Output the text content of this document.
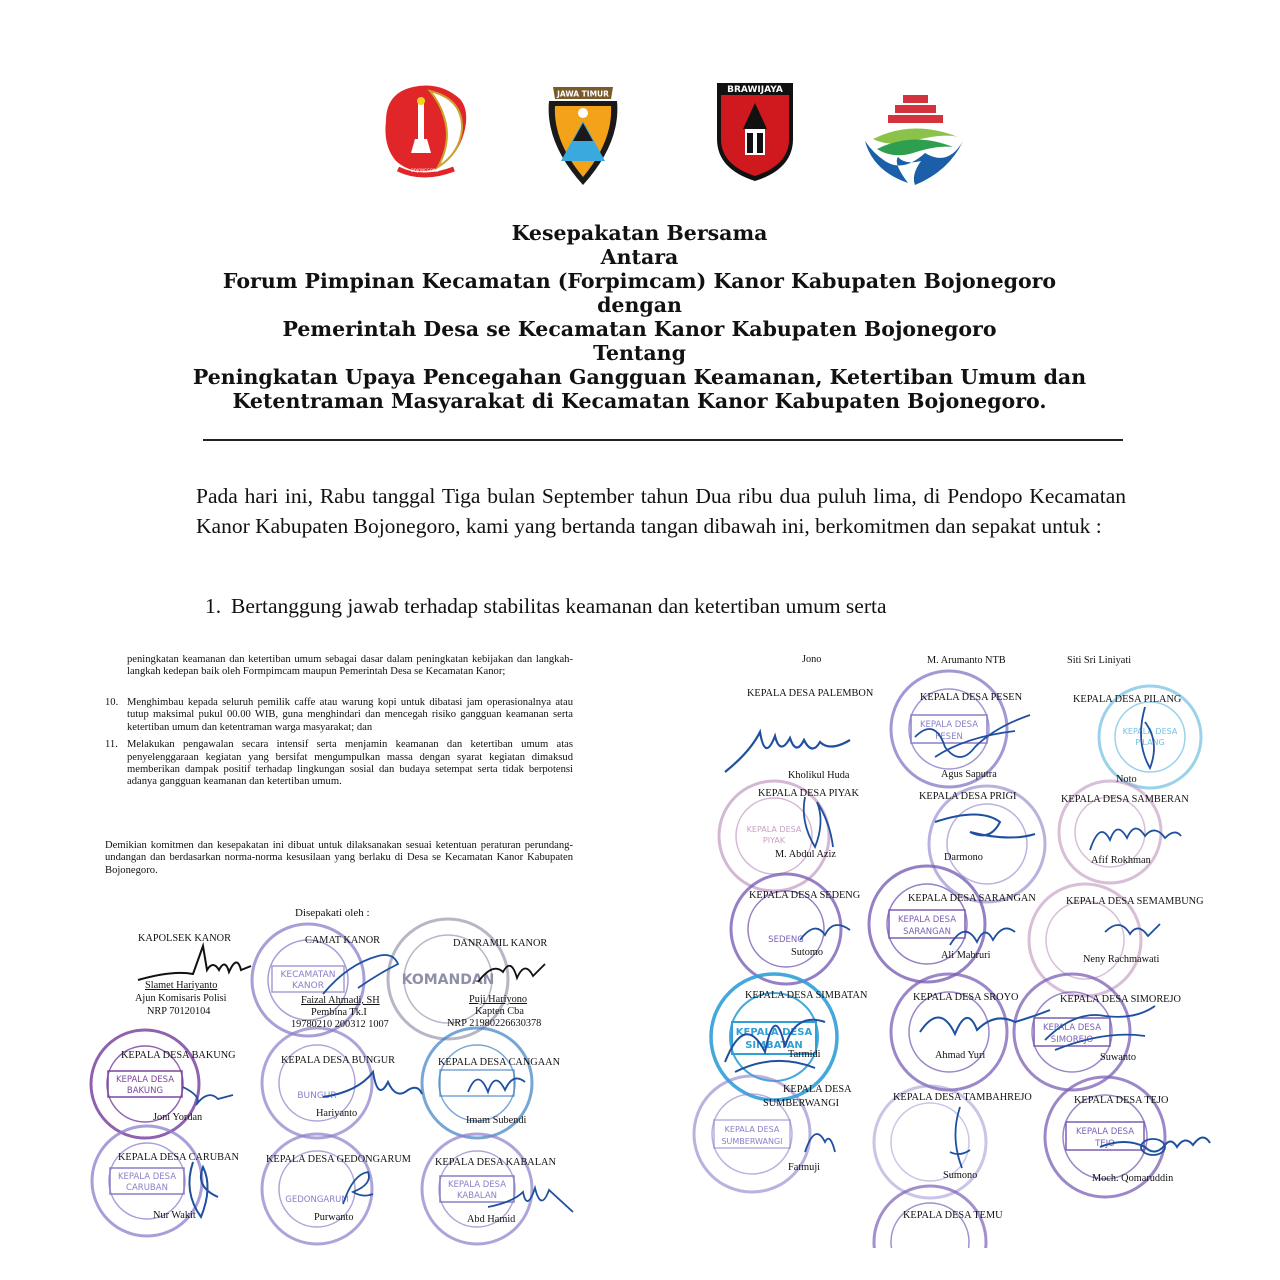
BOJONEGORO
JAWA TIMUR	BRAWIJAYA
Kesepakatan Bersama
Antara
Forum Pimpinan Kecamatan (Forpimcam) Kanor Kabupaten Bojonegoro
dengan
Pemerintah Desa se Kecamatan Kanor Kabupaten Bojonegoro
Tentang
Peningkatan Upaya Pencegahan Gangguan Keamanan, Ketertiban Umum dan
Ketentraman Masyarakat di Kecamatan Kanor Kabupaten Bojonegoro.
Pada hari ini, Rabu tanggal Tiga bulan September tahun Dua ribu dua puluh lima, di Pendopo Kecamatan Kanor Kabupaten Bojonegoro, kami yang bertanda tangan dibawah ini, berkomitmen dan sepakat untuk :
1. Bertanggung jawab terhadap stabilitas keamanan dan ketertiban umum serta
peningkatan keamanan dan ketertiban umum sebagai dasar dalam peningkatan kebijakan dan langkah-langkah kedepan baik oleh Formpimcam maupun Pemerintah Desa se Kecamatan Kanor;
10. Menghimbau kepada seluruh pemilik caffe atau warung kopi untuk dibatasi jam operasionalnya atau tutup maksimal pukul 00.00 WIB, guna menghindari dan mencegah risiko gangguan keamanan serta ketertiban umum dan ketentraman warga masyarakat; dan
11. Melakukan pengawalan secara intensif serta menjamin keamanan dan ketertiban umum atas penyelenggaraan kegiatan yang bersifat mengumpulkan massa dengan syarat kegiatan dimaksud memberikan dampak positif terhadap lingkungan sosial dan budaya setempat serta tidak berpotensi adanya gangguan keamanan dan ketertiban umum.
Demikian komitmen dan kesepakatan ini dibuat untuk dilaksanakan sesuai ketentuan peraturan perundang-undangan dan berdasarkan norma-norma kesusilaan yang berlaku di Desa se Kecamatan Kanor Kabupaten Bojonegoro.
Disepakati oleh :
KECAMATAN
KANOR	KOMANDAN
KEPALA DESA
BAKUNG	BUNGUR
KEPALA DESA
CARUBAN
GEDONGARUM
KEPALA DESA
KABALAN
KAPOLSEK KANOR
Slamet Hariyanto
Ajun Komisaris Polisi
NRP 70120104
CAMAT KANOR
Faizal Ahmadi, SH
Pembina Tk.I
19780210 200312 1007
DANRAMIL KANOR
Puji Hariyono
Kapten Cba
NRP 21980226630378
KEPALA DESA BAKUNG
Joni Yordan
KEPALA DESA BUNGUR
Hariyanto
KEPALA DESA CANGAAN
Imam Subendi
KEPALA DESA CARUBAN
Nur Wakit
KEPALA DESA GEDONGARUM
Purwanto
KEPALA DESA KABALAN
Abd Hamid
KEPALA DESA
PESEN
KEPALA DESA
PILANG
KEPALA DESA
PIYAK
SEDENG
KEPALA DESA
SARANGAN
KEPALA DESA
SIMBATAN
KEPALA DESA
SIMOREJO
KEPALA DESA
SUMBERWANGI
KEPALA DESA
TEJO
Jono	M. Arumanto NTB	Siti Sri Liniyati
KEPALA DESA PALEMBON
Kholikul Huda
KEPALA DESA PESEN
Agus Saputra
KEPALA DESA PILANG
Noto
KEPALA DESA PIYAK
M. Abdul Aziz
KEPALA DESA PRIGI
Darmono
KEPALA DESA SAMBERAN
Afif Rokhman
KEPALA DESA SEDENG
Sutomo
KEPALA DESA SARANGAN
Ali Mabruri
KEPALA DESA SEMAMBUNG
Neny Rachmawati
KEPALA DESA SIMBATAN
Tarmidi
KEPALA DESA SROYO
Ahmad Yuri
KEPALA DESA SIMOREJO
Suwanto
KEPALA DESA
SUMBERWANGI
Fatmuji
KEPALA DESA TAMBAHREJO
Sumono
KEPALA DESA TEJO
Moch. Qomaruddin
KEPALA DESA TEMU
